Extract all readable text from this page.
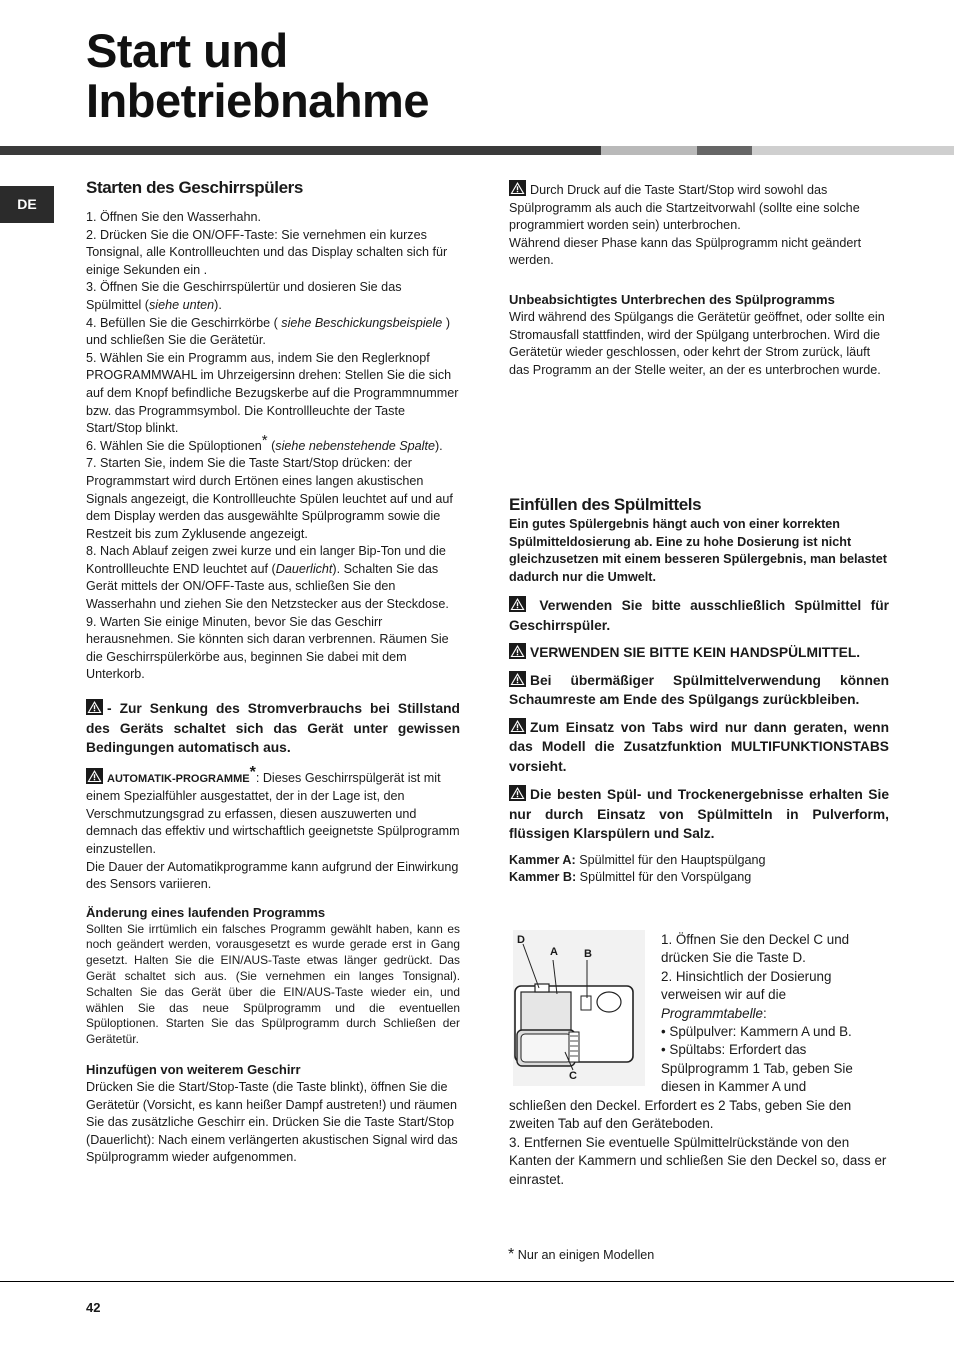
Start und
Inbetriebnahme
DE
Starten des Geschirrspülers

1. Öffnen Sie den Wasserhahn.

2. Drücken Sie die ON/OFF-Taste: Sie vernehmen ein kurzes Tonsignal, alle Kontrollleuchten und das Display schalten sich für einige Sekunden ein .

3. Öffnen Sie die Geschirrspülertür und dosieren Sie das Spülmittel (siehe unten).

4. Befüllen Sie die Geschirrkörbe ( siehe Beschickungsbeispiele ) und schließen Sie die Gerätetür.

5. Wählen Sie ein Programm aus, indem Sie den Reglerknopf PROGRAMMWAHL im Uhrzeigersinn drehen: Stellen Sie die sich auf dem Knopf befindliche Bezugskerbe auf die Programmnummer bzw. das Programmsymbol. Die Kontrollleuchte der Taste Start/Stop blinkt.

6. Wählen Sie die Spüloptionen* (siehe nebenstehende Spalte).

7. Starten Sie, indem Sie die Taste Start/Stop drücken: der Programmstart wird durch Ertönen eines langen akustischen Signals angezeigt, die Kontrollleuchte Spülen leuchtet auf und auf dem Display werden das ausgewählte Spülprogramm sowie die Restzeit bis zum Zyklusende angezeigt.

8. Nach Ablauf zeigen zwei kurze und ein langer Bip-Ton und die Kontrollleuchte END leuchtet auf (Dauerlicht). Schalten Sie das Gerät mittels der ON/OFF-Taste aus, schließen Sie den Wasserhahn und ziehen Sie den Netzstecker aus der Steckdose.

9. Warten Sie einige Minuten, bevor Sie das Geschirr herausnehmen. Sie könnten sich daran verbrennen. Räumen Sie die Geschirrspülerkörbe aus, beginnen Sie dabei mit dem Unterkorb.

- Zur Senkung des Stromverbrauchs bei Stillstand des Geräts schaltet sich das Gerät unter gewissen Bedingungen automatisch aus.

AUTOMATIK-PROGRAMME*: Dieses Geschirrspülgerät ist mit einem Spezialfühler ausgestattet, der in der Lage ist, den Verschmutzungsgrad zu erfassen, diesen auszuwerten und demnach das effektiv und wirtschaftlich geeignetste Spülprogramm einzustellen.

Die Dauer der Automatikprogramme kann aufgrund der Einwirkung des Sensors variieren.

Änderung eines laufenden Programms

Sollten Sie irrtümlich ein falsches Programm gewählt haben, kann es noch geändert werden, vorausgesetzt es wurde gerade erst in Gang gesetzt. Halten Sie die EIN/AUS-Taste etwas länger gedrückt. Das Gerät schaltet sich aus. (Sie vernehmen ein langes Tonsignal). Schalten Sie das Gerät über die EIN/AUS-Taste wieder ein, und wählen Sie das neue Spülprogramm und die eventuellen Spüloptionen. Starten Sie das Spülprogramm durch Schließen der Gerätetür.

Hinzufügen von weiterem Geschirr

Drücken Sie die Start/Stop-Taste (die Taste blinkt), öffnen Sie die Gerätetür (Vorsicht, es kann heißer Dampf austreten!) und räumen Sie das zusätzliche Geschirr ein. Drücken Sie die Taste Start/Stop (Dauerlicht): Nach einem verlängerten akustischen Signal wird das Spülprogramm wieder aufgenommen.

Durch Druck auf die Taste Start/Stop wird sowohl das Spülprogramm als auch die Startzeitvorwahl (sollte eine solche programmiert worden sein) unterbrochen.

Während dieser Phase kann das Spülprogramm nicht geändert werden.

Unbeabsichtigtes Unterbrechen des Spülprogramms

Wird während des Spülgangs die Gerätetür geöffnet, oder sollte ein Stromausfall stattfinden, wird der Spülgang unterbrochen. Wird die Gerätetür wieder geschlossen, oder kehrt der Strom zurück, läuft das Programm an der Stelle weiter, an der es unterbrochen wurde.

Einfüllen des Spülmittels

Ein gutes Spülergebnis hängt auch von einer korrekten Spülmitteldosierung ab. Eine zu hohe Dosierung ist nicht gleichzusetzen mit einem besseren Spülergebnis, man belastet dadurch nur die Umwelt.

Verwenden Sie bitte ausschließlich Spülmittel für Geschirrspüler.

VERWENDEN SIE BITTE KEIN HANDSPÜLMITTEL.

Bei übermäßiger Spülmittelverwendung können Schaumreste am Ende des Spülgangs zurückbleiben.

Zum Einsatz von Tabs wird nur dann geraten, wenn das Modell die Zusatzfunktion MULTIFUNKTIONSTABS vorsieht.

Die besten Spül- und Trockenergebnisse erhalten Sie nur durch Einsatz von Spülmitteln in Pulverform, flüssigen Klarspülern und Salz.

Kammer A: Spülmittel für den Hauptspülgang

Kammer B: Spülmittel für den Vorspülgang

D
A B
C

1. Öffnen Sie den Deckel C und drücken Sie die Taste D.

2. Hinsichtlich der Dosierung verweisen wir auf die Programmtabelle:

• Spülpulver: Kammern A und B.

• Spültabs: Erfordert das Spülprogramm 1 Tab, geben Sie diesen in Kammer A und

schließen den Deckel. Erfordert es 2 Tabs, geben Sie den zweiten Tab auf den Geräteboden.

3. Entfernen Sie eventuelle Spülmittelrückstände von den Kanten der Kammern und schließen Sie den Deckel so, dass er einrastet.

* Nur an einigen Modellen
42
